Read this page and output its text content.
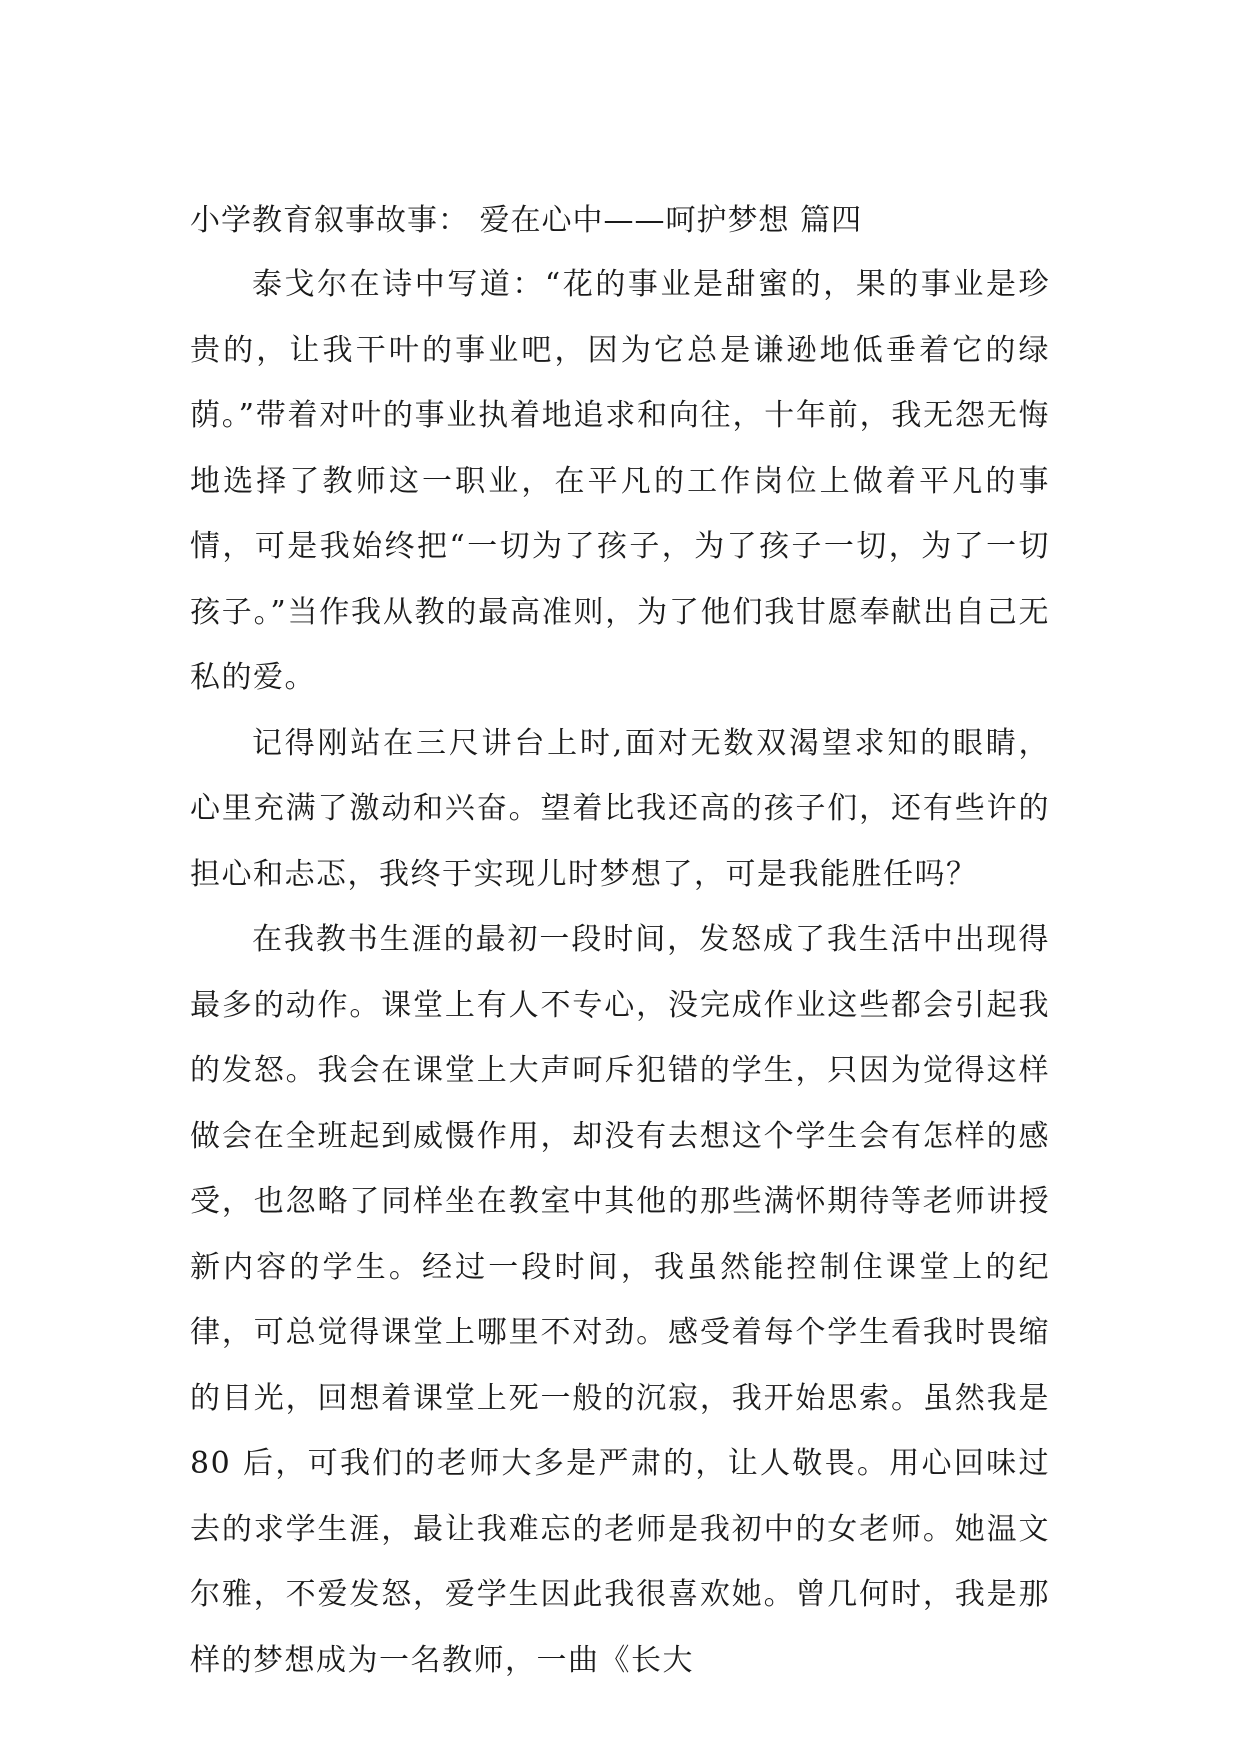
小学教育叙事故事： 爱在心中——呵护梦想 篇四

泰戈尔在诗中写道：“花的事业是甜蜜的，果的事业是珍贵的，让我干叶的事业吧，因为它总是谦逊地低垂着它的绿荫。”带着对叶的事业执着地追求和向往，十年前，我无怨无悔地选择了教师这一职业，在平凡的工作岗位上做着平凡的事情，可是我始终把“一切为了孩子，为了孩子一切，为了一切孩子。”当作我从教的最高准则，为了他们我甘愿奉献出自己无私的爱。

记得刚站在三尺讲台上时,面对无数双渴望求知的眼睛，心里充满了激动和兴奋。望着比我还高的孩子们，还有些许的担心和忐忑，我终于实现儿时梦想了，可是我能胜任吗？

在我教书生涯的最初一段时间，发怒成了我生活中出现得最多的动作。课堂上有人不专心，没完成作业这些都会引起我的发怒。我会在课堂上大声呵斥犯错的学生，只因为觉得这样做会在全班起到威慑作用，却没有去想这个学生会有怎样的感受，也忽略了同样坐在教室中其他的那些满怀期待等老师讲授新内容的学生。经过一段时间，我虽然能控制住课堂上的纪律，可总觉得课堂上哪里不对劲。感受着每个学生看我时畏缩的目光，回想着课堂上死一般的沉寂，我开始思索。虽然我是 80 后，可我们的老师大多是严肃的，让人敬畏。用心回味过去的求学生涯，最让我难忘的老师是我初中的女老师。她温文尔雅，不爱发怒，爱学生因此我很喜欢她。曾几何时，我是那样的梦想成为一名教师，一曲《长大
